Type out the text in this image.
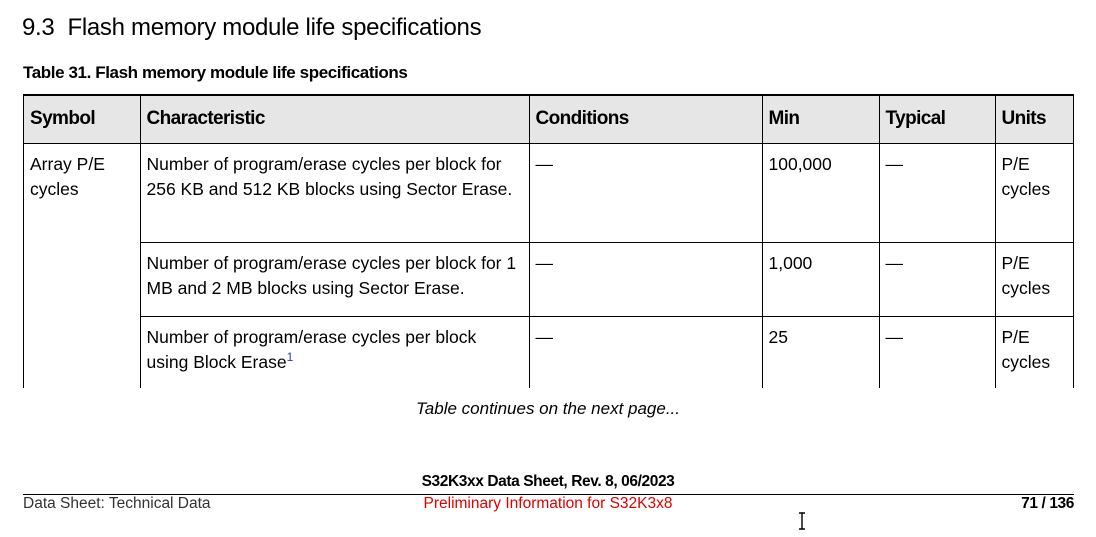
9.3 Flash memory module life specifications

Table 31. Flash memory module life specifications

Symbol	Characteristic	Conditions	Min	Typical	Units
Array P/E cycles	Number of program/erase cycles per block for 256 KB and 512 KB blocks using Sector Erase.	—	100,000	—	P/E cycles
	Number of program/erase cycles per block for 1 MB and 2 MB blocks using Sector Erase.	—	1,000	—	P/E cycles
	Number of program/erase cycles per block using Block Erase$^1$	—	25	—	P/E cycles
Table continues on the next page...
S32K3xx Data Sheet, Rev. 8, 06/2023
Data Sheet: Technical Data	Preliminary Information for S32K3x8	71 / 136
